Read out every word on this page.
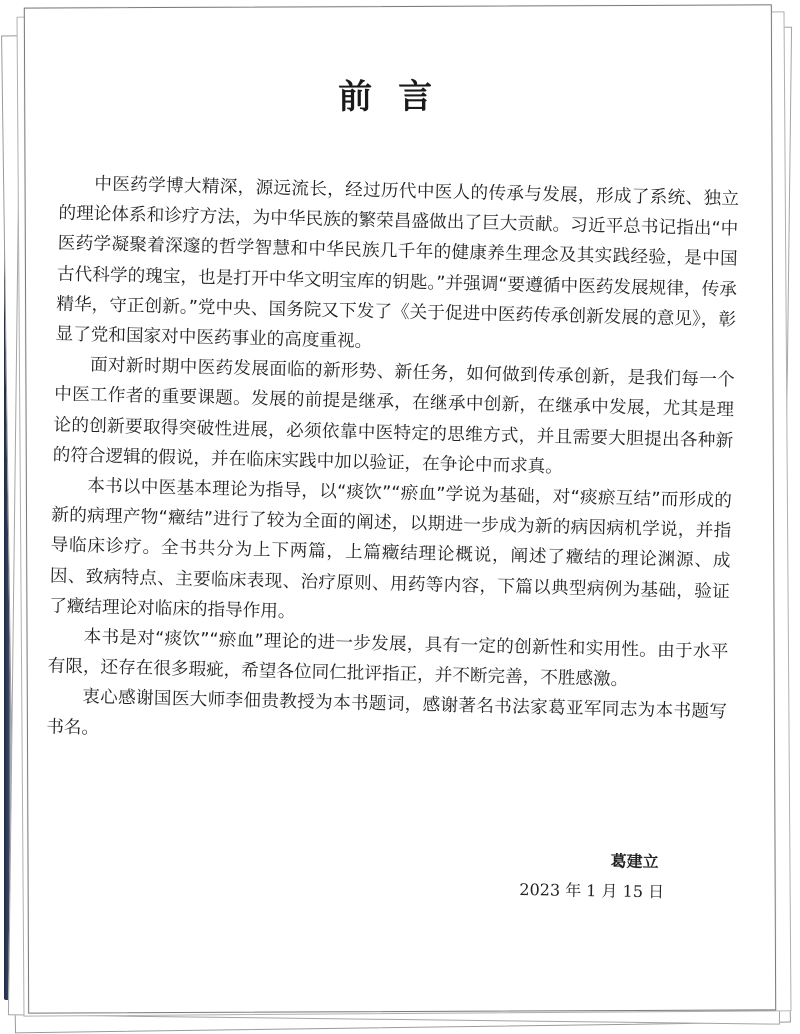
前言

中医药学博大精深，源远流长，经过历代中医人的传承与发展，形成了系统、独立的理论体系和诊疗方法，为中华民族的繁荣昌盛做出了巨大贡献。习近平总书记指出“中医药学凝聚着深邃的哲学智慧和中华民族几千年的健康养生理念及其实践经验，是中国古代科学的瑰宝，也是打开中华文明宝库的钥匙。”并强调“要遵循中医药发展规律，传承精华，守正创新。”党中央、国务院又下发了《关于促进中医药传承创新发展的意见》，彰显了党和国家对中医药事业的高度重视。

面对新时期中医药发展面临的新形势、新任务，如何做到传承创新，是我们每一个中医工作者的重要课题。发展的前提是继承，在继承中创新，在继承中发展，尤其是理论的创新要取得突破性进展，必须依靠中医特定的思维方式，并且需要大胆提出各种新的符合逻辑的假说，并在临床实践中加以验证，在争论中而求真。

本书以中医基本理论为指导，以“痰饮”“瘀血”学说为基础，对“痰瘀互结”而形成的新的病理产物“癥结”进行了较为全面的阐述，以期进一步成为新的病因病机学说，并指导临床诊疗。全书共分为上下两篇，上篇癥结理论概说，阐述了癥结的理论渊源、成因、致病特点、主要临床表现、治疗原则、用药等内容，下篇以典型病例为基础，验证了癥结理论对临床的指导作用。

本书是对“痰饮”“瘀血”理论的进一步发展，具有一定的创新性和实用性。由于水平有限，还存在很多瑕疵，希望各位同仁批评指正，并不断完善，不胜感激。

衷心感谢国医大师李佃贵教授为本书题词，感谢著名书法家葛亚军同志为本书题写书名。

葛建立
2023 年 1 月 15 日
